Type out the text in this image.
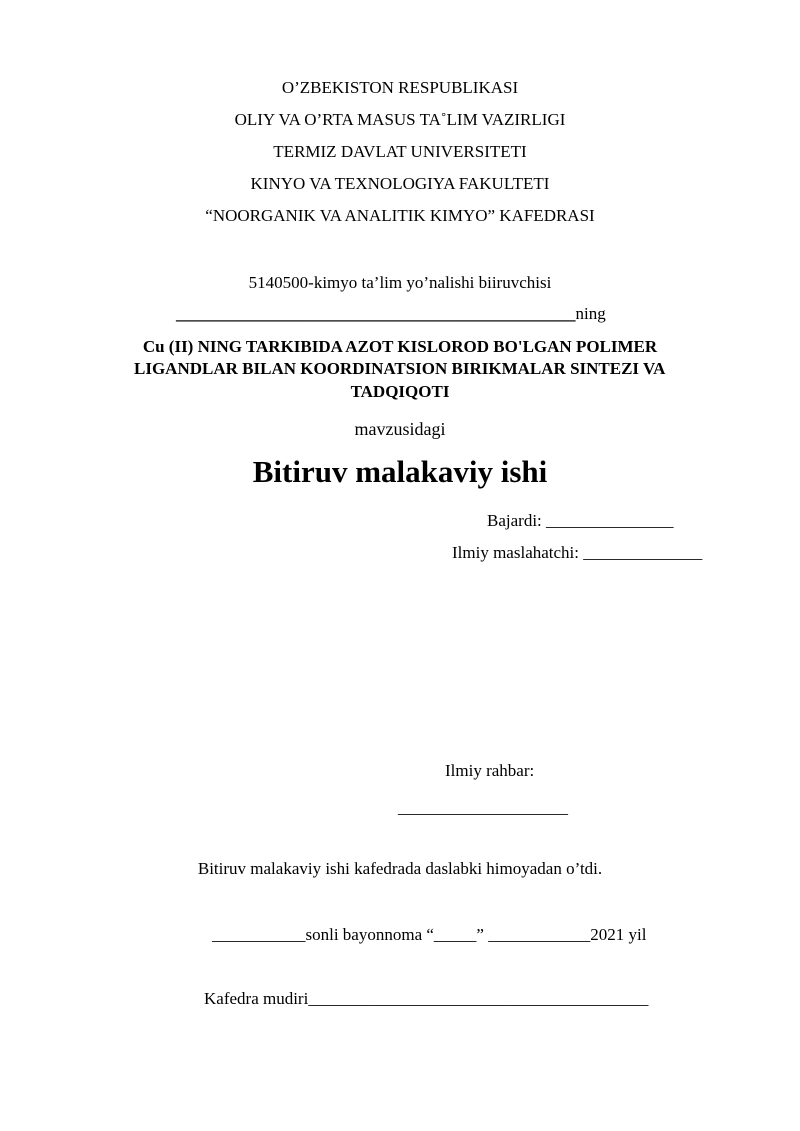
O’ZBEKISTON RESPUBLIKASI
OLIY VA O’RTA MASUS TA˚LIM VAZIRLIGI
TERMIZ DAVLAT UNIVERSITETI
KINYO VA TEXNOLOGIYA FAKULTETI
“NOORGANIK VA ANALITIK KIMYO” KAFEDRASI
5140500-kimyo ta’lim yo’nalishi biiruvchisi
_______________________________________________ning
Cu (II) NING TARKIBIDA AZOT KISLOROD BO'LGAN POLIMER
LIGANDLAR BILAN KOORDINATSION BIRIKMALAR SINTEZI VA
TADQIQOTI
mavzusidagi
Bitiruv malakaviy ishi
Bajardi: _______________
Ilmiy maslahatchi: ______________
Ilmiy rahbar:
____________________
Bitiruv malakaviy ishi kafedrada daslabki himoyadan o’tdi.
___________sonli bayonnoma “_____” ____________2021 yil
Kafedra mudiri________________________________________
